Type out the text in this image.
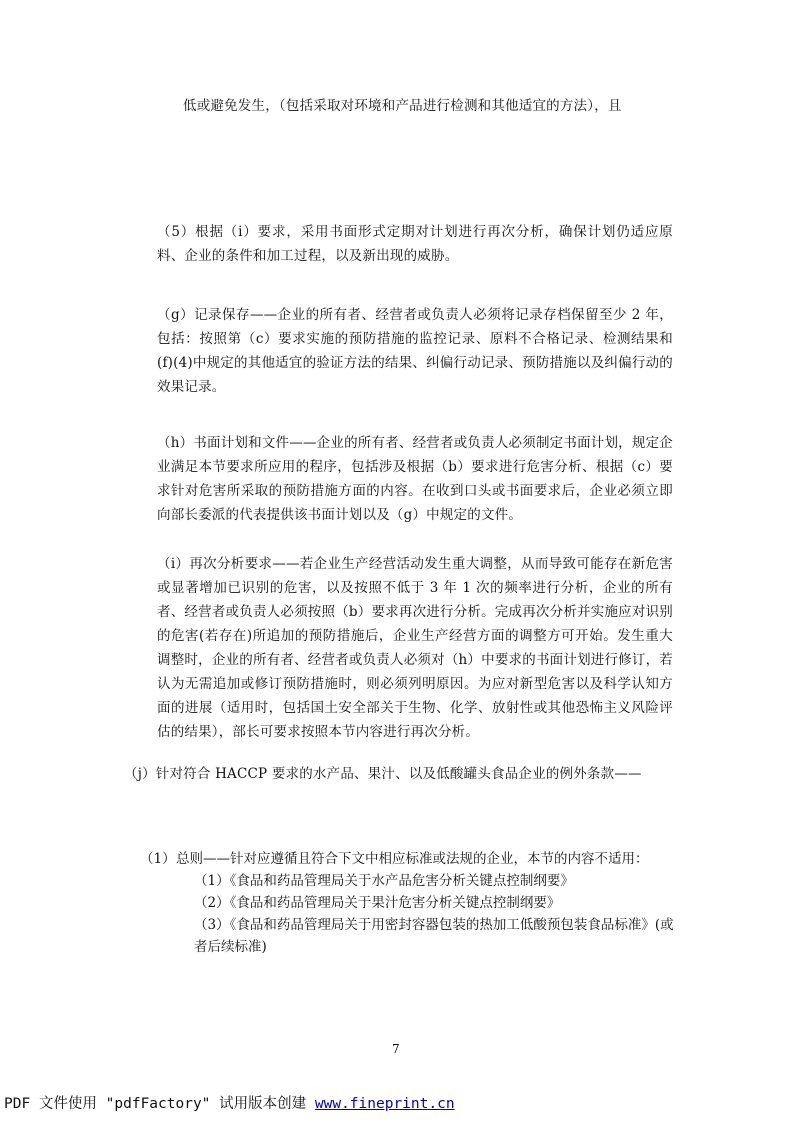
低或避免发生，（包括采取对环境和产品进行检测和其他适宜的方法），且
（5）根据（i）要求，采用书面形式定期对计划进行再次分析，确保计划仍适应原料、企业的条件和加工过程，以及新出现的威胁。
（g）记录保存——企业的所有者、经营者或负责人必须将记录存档保留至少 2 年，包括：按照第（c）要求实施的预防措施的监控记录、原料不合格记录、检测结果和(f)(4)中规定的其他适宜的验证方法的结果、纠偏行动记录、预防措施以及纠偏行动的效果记录。
（h）书面计划和文件——企业的所有者、经营者或负责人必须制定书面计划，规定企业满足本节要求所应用的程序，包括涉及根据（b）要求进行危害分析、根据（c）要求针对危害所采取的预防措施方面的内容。在收到口头或书面要求后，企业必须立即向部长委派的代表提供该书面计划以及（g）中规定的文件。
（i）再次分析要求——若企业生产经营活动发生重大调整，从而导致可能存在新危害或显著增加已识别的危害，以及按照不低于 3 年 1 次的频率进行分析，企业的所有者、经营者或负责人必须按照（b）要求再次进行分析。完成再次分析并实施应对识别的危害(若存在)所追加的预防措施后，企业生产经营方面的调整方可开始。发生重大调整时，企业的所有者、经营者或负责人必须对（h）中要求的书面计划进行修订，若认为无需追加或修订预防措施时，则必须列明原因。为应对新型危害以及科学认知方面的进展（适用时，包括国土安全部关于生物、化学、放射性或其他恐怖主义风险评估的结果），部长可要求按照本节内容进行再次分析。
（j）针对符合 HACCP 要求的水产品、果汁、以及低酸罐头食品企业的例外条款——
（1） 总则——针对应遵循且符合下文中相应标准或法规的企业，本节的内容不适用：
（1）《食品和药品管理局关于水产品危害分析关键点控制纲要》
（2）《食品和药品管理局关于果汁危害分析关键点控制纲要》
（3）《食品和药品管理局关于用密封容器包装的热加工低酸预包装食品标准》(或者后续标准)
7
PDF 文件使用 "pdfFactory" 试用版本创建 www.fineprint.cn
